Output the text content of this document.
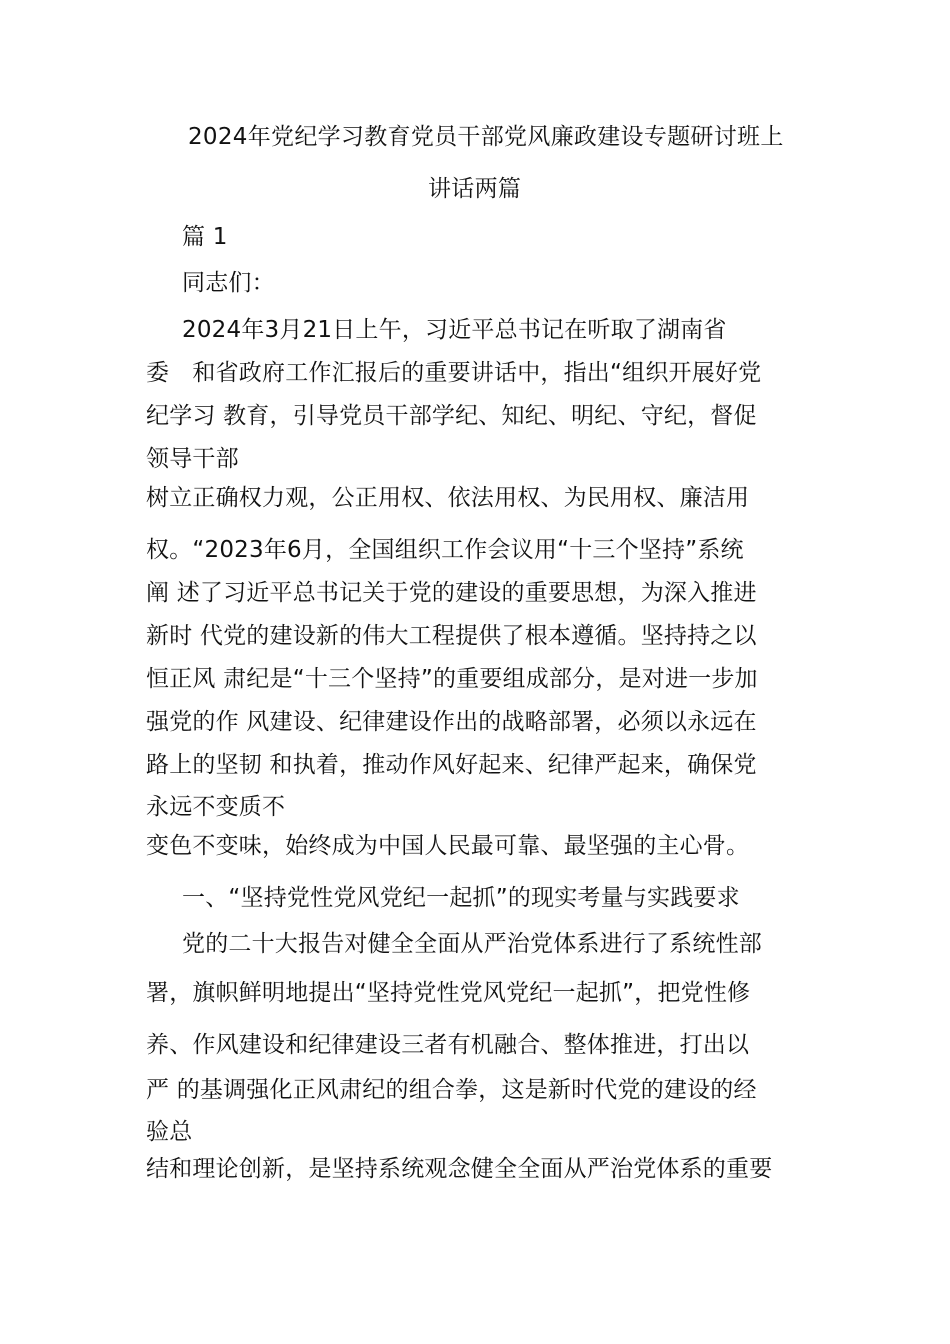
2024年党纪学习教育党员干部党风廉政建设专题研讨班上
讲话两篇
篇 1
同志们：
2024年3月21日上午，习近平总书记在听取了湖南省
委　和省政府工作汇报后的重要讲话中，指出“组织开展好党
纪学习 教育，引导党员干部学纪、知纪、明纪、守纪，督促
领导干部
树立正确权力观，公正用权、依法用权、为民用权、廉洁用
权。“2023年6月，全国组织工作会议用“十三个坚持”系统
阐 述了习近平总书记关于党的建设的重要思想，为深入推进
新时 代党的建设新的伟大工程提供了根本遵循。坚持持之以
恒正风 肃纪是“十三个坚持”的重要组成部分，是对进一步加
强党的作 风建设、纪律建设作出的战略部署，必须以永远在
路上的坚韧 和执着，推动作风好起来、纪律严起来，确保党
永远不变质不
变色不变味，始终成为中国人民最可靠、最坚强的主心骨。
一、“坚持党性党风党纪一起抓”的现实考量与实践要求
党的二十大报告对健全全面从严治党体系进行了系统性部
署，旗帜鲜明地提出“坚持党性党风党纪一起抓”，把党性修
养、作风建设和纪律建设三者有机融合、整体推进，打出以
严 的基调强化正风肃纪的组合拳，这是新时代党的建设的经
验总
结和理论创新，是坚持系统观念健全全面从严治党体系的重要
